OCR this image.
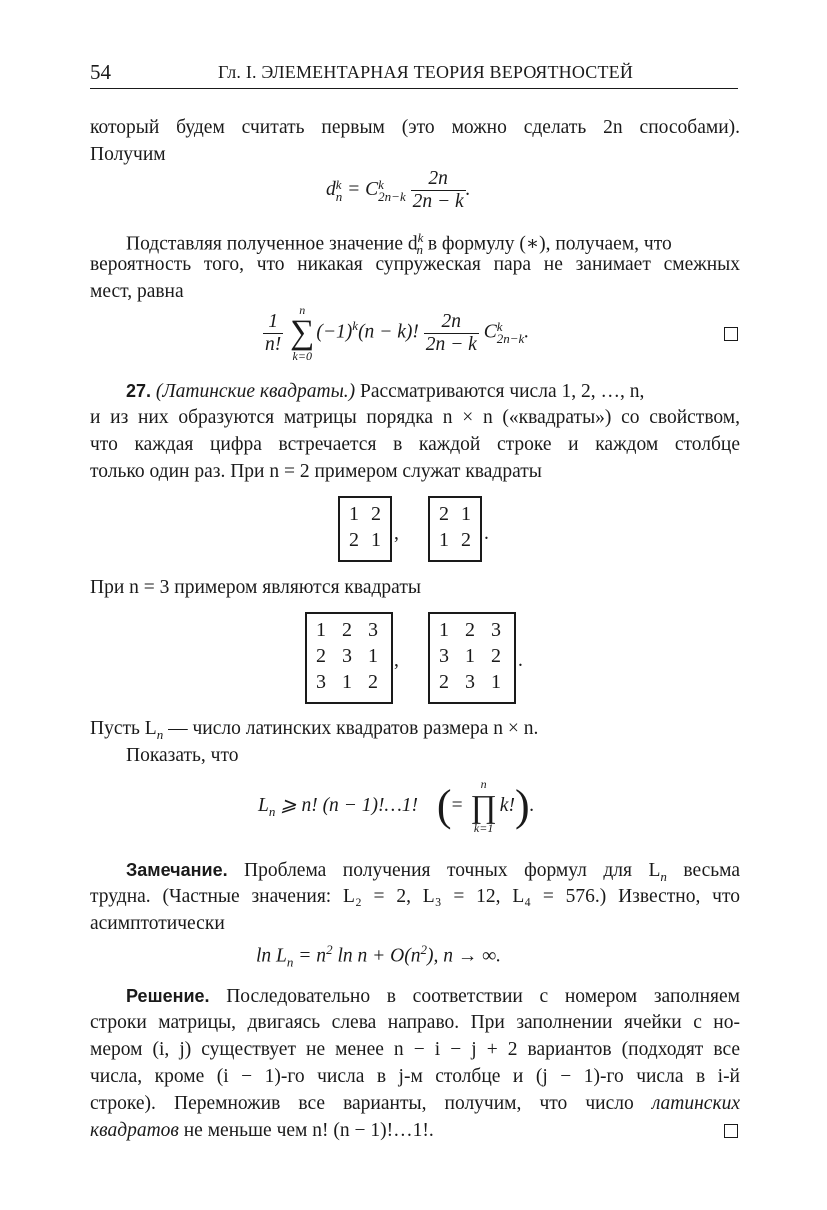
54	Гл. I. ЭЛЕМЕНТАРНАЯ ТЕОРИЯ ВЕРОЯТНОСТЕЙ
который будем считать первым (это можно сделать 2n способами).
Получим
d k
n = C k
2n−k
$\frac{2n}{2n - k}$ .
Подставляя полученное значение $d^k_n$ в формулу (∗), получаем, что
вероятность того, что никакая супружеская пара не занимает смежных
мест, равна
$\frac{1}{n!}$

n
∑
k=0
$(-1)^k(n - k)$! $\frac{2n}{2n - k}$ C k
2n−k .
27. (Латинские квадраты.) Рассматриваются числа 1, 2, …, n,
и из них образуются матрицы порядка n × n («квадраты») со свойством,
что каждая цифра встречается в каждой строке и каждом столбце
только один раз. При n = 2 примером служат квадраты
1 2
2 1 ,
2 1
1 2 .
При n = 3 примером являются квадраты
1 2 3
2 3 1
3 1 2
,
1 2 3
3 1 2
2 3 1
.
Пусть $L_n$ — число латинских квадратов размера n × n.
Показать, что
$L_n$ ⩾ n! (n − 1)!…1! (=
n
∏
k=1
k!).
Замечание. Проблема получения точных формул для $L_n$ весьма
трудна. (Частные значения: L₂ = 2, L₃ = 12, L₄ = 576.) Известно, что
асимптотически
$\ln L_n = n^2$ $\ln n + O(n^2)$, n → ∞.
Решение. Последовательно в соответствии с номером заполняем
строки матрицы, двигаясь слева направо. При заполнении ячейки с но-
мером (i, j) существует не менее n − i − j + 2 вариантов (подходят все
числа, кроме (i − 1)-го числа в j-м столбце и (j − 1)-го числа в i-й
строке). Перемножив все варианты, получим, что число латинских
квадратов не меньше чем n! (n − 1)!…1!.
